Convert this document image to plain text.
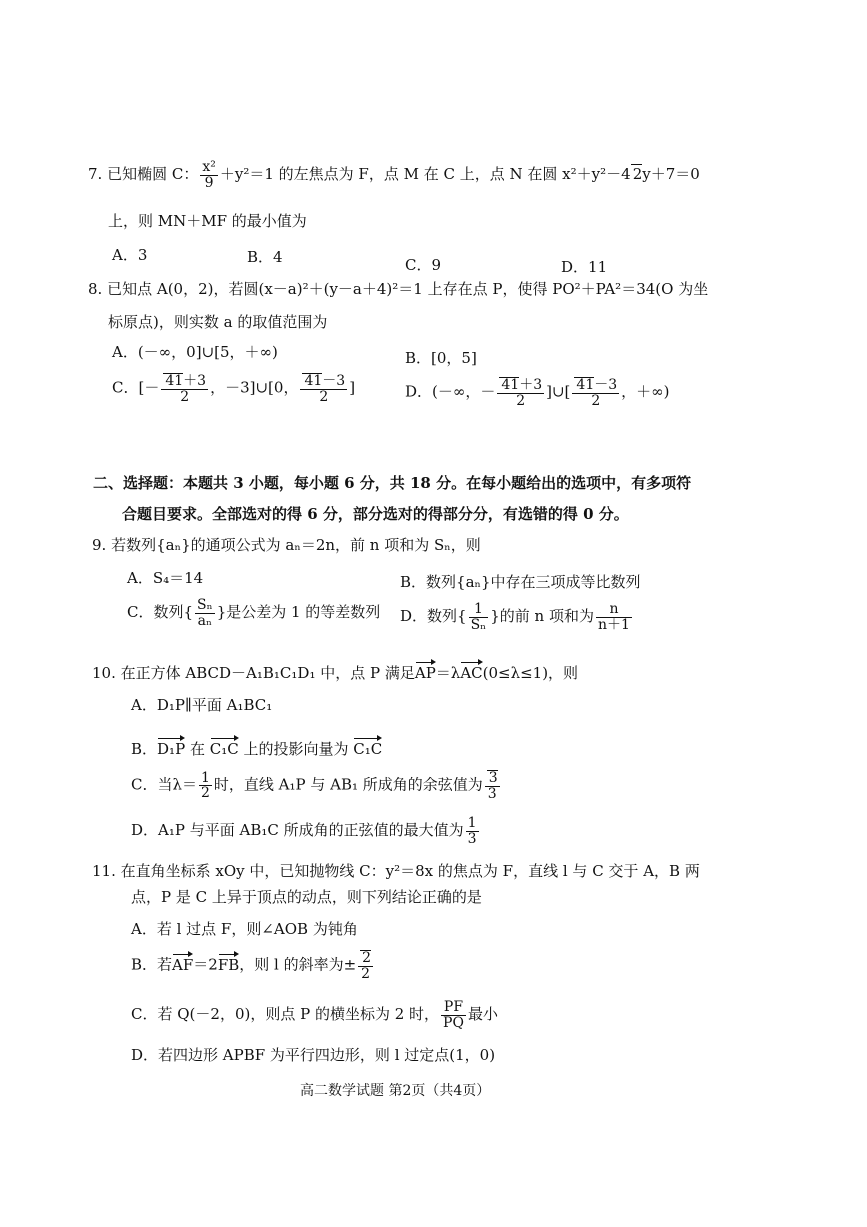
7. 已知椭圆 C： $\frac{\text{x²}}{9} +y^2=1$ 的左焦点为 F，点 M 在 C 上，点 N 在圆 x²＋y²－4 2y＋7＝0
上，则 MN＋MF 的最小值为
A．3	B．4	C．9	D．11
8. 已知点 A(0，2)，若圆(x－a)²＋(y－a＋4)²＝1 上存在点 P，使得 PO²＋PA²＝34(O 为坐
标原点)，则实数 a 的取值范围为
A．(－∞，0]∪[5，＋∞)	B．[0，5]
C．[－ $\frac{41+3}{2}$ ，－3]∪[0， $\frac{41-3}{2}$ ]	D．(－∞，－ $\frac{41+3}{2}$ ]∪[ $\frac{41-3}{2}$ ，＋∞)
二、选择题：本题共 3 小题，每小题 6 分，共 18 分。在每小题给出的选项中，有多项符
合题目要求。全部选对的得 6 分，部分选对的得部分分，有选错的得 0 分。
9. 若数列{aₙ}的通项公式为 aₙ＝2n，前 n 项和为 Sₙ，则
A．S₄＝14	B．数列{aₙ}中存在三项成等比数列
C．数列{ $\frac{\text{Sₙ}}{\text{aₙ}}$ }是公差为 1 的等差数列 D．数列{ $\frac{1}{\text{Sₙ}}$ }的前 n 项和为 $\frac{n}{n+1}$
10. 在正方体 ABCD－A₁B₁C₁D₁ 中，点 P 满足AP＝λAC(0≤λ≤1)，则
A．D₁P∥平面 A₁BC₁
B．D₁P 在 C₁C 上的投影向量为 C₁C
C．当$\lambda= \frac{1}{2}$ 时，直线 A₁P 与 AB₁ 所成角的余弦值为 $\frac{3}{3}$
D．A₁P 与平面 AB₁C 所成角的正弦值的最大值为 $\frac{1}{3}$
11. 在直角坐标系 xOy 中，已知抛物线 C：y²＝8x 的焦点为 F，直线 l 与 C 交于 A，B 两
点，P 是 C 上异于顶点的动点，则下列结论正确的是
A．若 l 过点 F，则∠AOB 为钝角
B．若AF＝2FB，则 l 的斜率为± $\frac{2}{2}$
C．若 Q(－2，0)，则点 P 的横坐标为 2 时， $\frac{PF}{PQ}$ 最小
D．若四边形 APBF 为平行四边形，则 l 过定点(1，0)
高二数学试题 第2页（共4页）
